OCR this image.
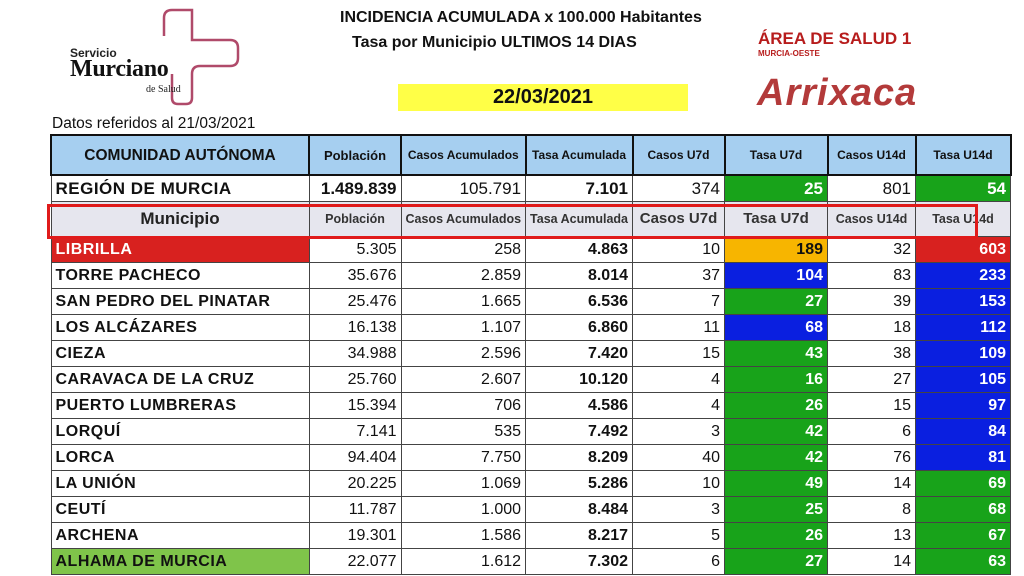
Servicio
Murciano
de Salud
INCIDENCIA ACUMULADA x 100.000 Habitantes
Tasa por Municipio ULTIMOS 14 DIAS
22/03/2021
ÁREA DE SALUD 1
MURCIA-OESTE
Arrixaca
Datos referidos al 21/03/2021
COMUNIDAD AUTÓNOMA	Población	Casos Acumulados	Tasa Acumulada	Casos U7d	Tasa U7d	Casos U14d	Tasa U14d
REGIÓN DE MURCIA	1.489.839	105.791	7.101	374	25	801	54
Municipio	Población	Casos Acumulados	Tasa Acumulada	Casos U7d	Tasa U7d	Casos U14d	Tasa U14d
LIBRILLA	5.305	258	4.863	10	189	32	603
TORRE PACHECO	35.676	2.859	8.014	37	104	83	233
SAN PEDRO DEL PINATAR	25.476	1.665	6.536	7	27	39	153
LOS ALCÁZARES	16.138	1.107	6.860	11	68	18	112
CIEZA	34.988	2.596	7.420	15	43	38	109
CARAVACA DE LA CRUZ	25.760	2.607	10.120	4	16	27	105
PUERTO LUMBRERAS	15.394	706	4.586	4	26	15	97
LORQUÍ	7.141	535	7.492	3	42	6	84
LORCA	94.404	7.750	8.209	40	42	76	81
LA UNIÓN	20.225	1.069	5.286	10	49	14	69
CEUTÍ	11.787	1.000	8.484	3	25	8	68
ARCHENA	19.301	1.586	8.217	5	26	13	67
ALHAMA DE MURCIA	22.077	1.612	7.302	6	27	14	63
